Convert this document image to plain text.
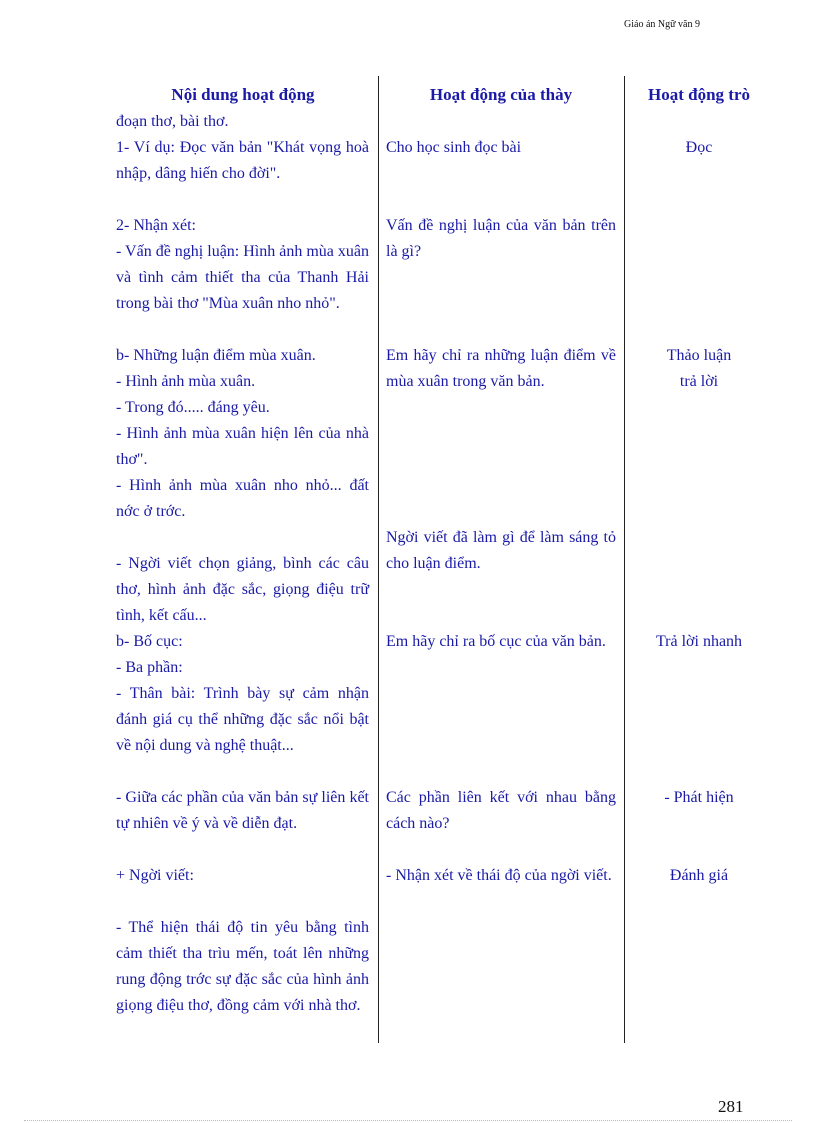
Giáo án Ngữ văn 9
Nội dung hoạt động	Hoạt động của thày	Hoạt động trò
đoạn thơ, bài thơ.
1- Ví dụ: Đọc văn bản "Khát vọng hoà nhập, dâng hiến cho đời".
2- Nhận xét:
- Vấn đề nghị luận: Hình ảnh mùa xuân và tình cảm thiết tha của Thanh Hải trong bài thơ "Mùa xuân nho nhỏ".
b- Những luận điểm mùa xuân.
- Hình ảnh mùa xuân.
- Trong đó..... đáng yêu.
- Hình ảnh mùa xuân hiện lên của nhà thơ".
- Hình ảnh mùa xuân nho nhỏ... đất nớc ở trớc.
- Ngời viết chọn giảng, bình các câu thơ, hình ảnh đặc sắc, giọng điệu trữ tình, kết cấu...
b- Bố cục:
- Ba phần:
- Thân bài: Trình bày sự cảm nhận đánh giá cụ thể những đặc sắc nổi bật về nội dung và nghệ thuật...
- Giữa các phần của văn bản sự liên kết tự nhiên về ý và về diễn đạt.
+ Ngời viết:
- Thể hiện thái độ tin yêu bằng tình cảm thiết tha trìu mến, toát lên những rung động trớc sự đặc sắc của hình ảnh giọng điệu thơ, đồng cảm với nhà thơ.
Cho học sinh đọc bài
Vấn đề nghị luận của văn bản trên là gì?
Em hãy chỉ ra những luận điểm về mùa xuân trong văn bản.
Ngời viết đã làm gì để làm sáng tỏ cho luận điểm.
Em hãy chỉ ra bố cục của văn bản.
Các phần liên kết với nhau bằng cách nào?
- Nhận xét về thái độ của ngời viết.
Đọc
Thảo luận
trả lời
Trả lời nhanh
- Phát hiện
Đánh giá
281
